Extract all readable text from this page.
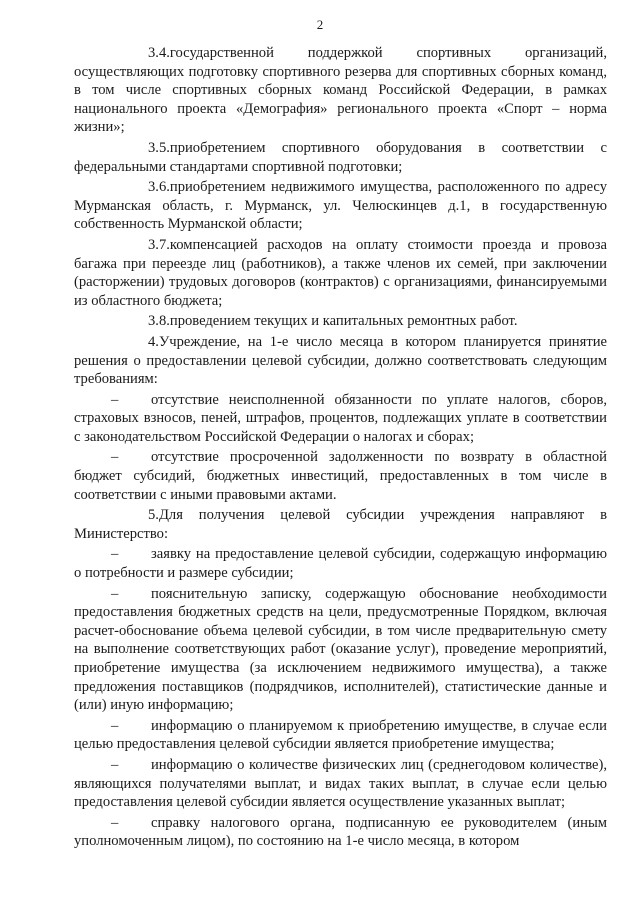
2

3.4.государственной поддержкой спортивных организаций, осуществляющих подготовку спортивного резерва для спортивных сборных команд, в том числе спортивных сборных команд Российской Федерации, в рамках национального проекта «Демография» регионального проекта «Спорт – норма жизни»;

3.5.приобретением спортивного оборудования в соответствии с федеральными стандартами спортивной подготовки;

3.6.приобретением недвижимого имущества, расположенного по адресу Мурманская область, г. Мурманск, ул. Челюскинцев д.1, в государственную собственность Мурманской области;

3.7.компенсацией расходов на оплату стоимости проезда и провоза багажа при переезде лиц (работников), а также членов их семей, при заключении (расторжении) трудовых договоров (контрактов) с организациями, финансируемыми из областного бюджета;

3.8.проведением текущих и капитальных ремонтных работ.

4.Учреждение, на 1-е число месяца в котором планируется принятие решения о предоставлении целевой субсидии, должно соответствовать следующим требованиям:

– отсутствие неисполненной обязанности по уплате налогов, сборов, страховых взносов, пеней, штрафов, процентов, подлежащих уплате в соответствии с законодательством Российской Федерации о налогах и сборах;

– отсутствие просроченной задолженности по возврату в областной бюджет субсидий, бюджетных инвестиций, предоставленных в том числе в соответствии с иными правовыми актами.

5.Для получения целевой субсидии учреждения направляют в Министерство:

– заявку на предоставление целевой субсидии, содержащую информацию о потребности и размере субсидии;

– пояснительную записку, содержащую обоснование необходимости предоставления бюджетных средств на цели, предусмотренные Порядком, включая расчет-обоснование объема целевой субсидии, в том числе предварительную смету на выполнение соответствующих работ (оказание услуг), проведение мероприятий, приобретение имущества (за исключением недвижимого имущества), а также предложения поставщиков (подрядчиков, исполнителей), статистические данные и (или) иную информацию;

– информацию о планируемом к приобретению имуществе, в случае если целью предоставления целевой субсидии является приобретение имущества;

– информацию о количестве физических лиц (среднегодовом количестве), являющихся получателями выплат, и видах таких выплат, в случае если целью предоставления целевой субсидии является осуществление указанных выплат;

– справку налогового органа, подписанную ее руководителем (иным уполномоченным лицом), по состоянию на 1-е число месяца, в котором
